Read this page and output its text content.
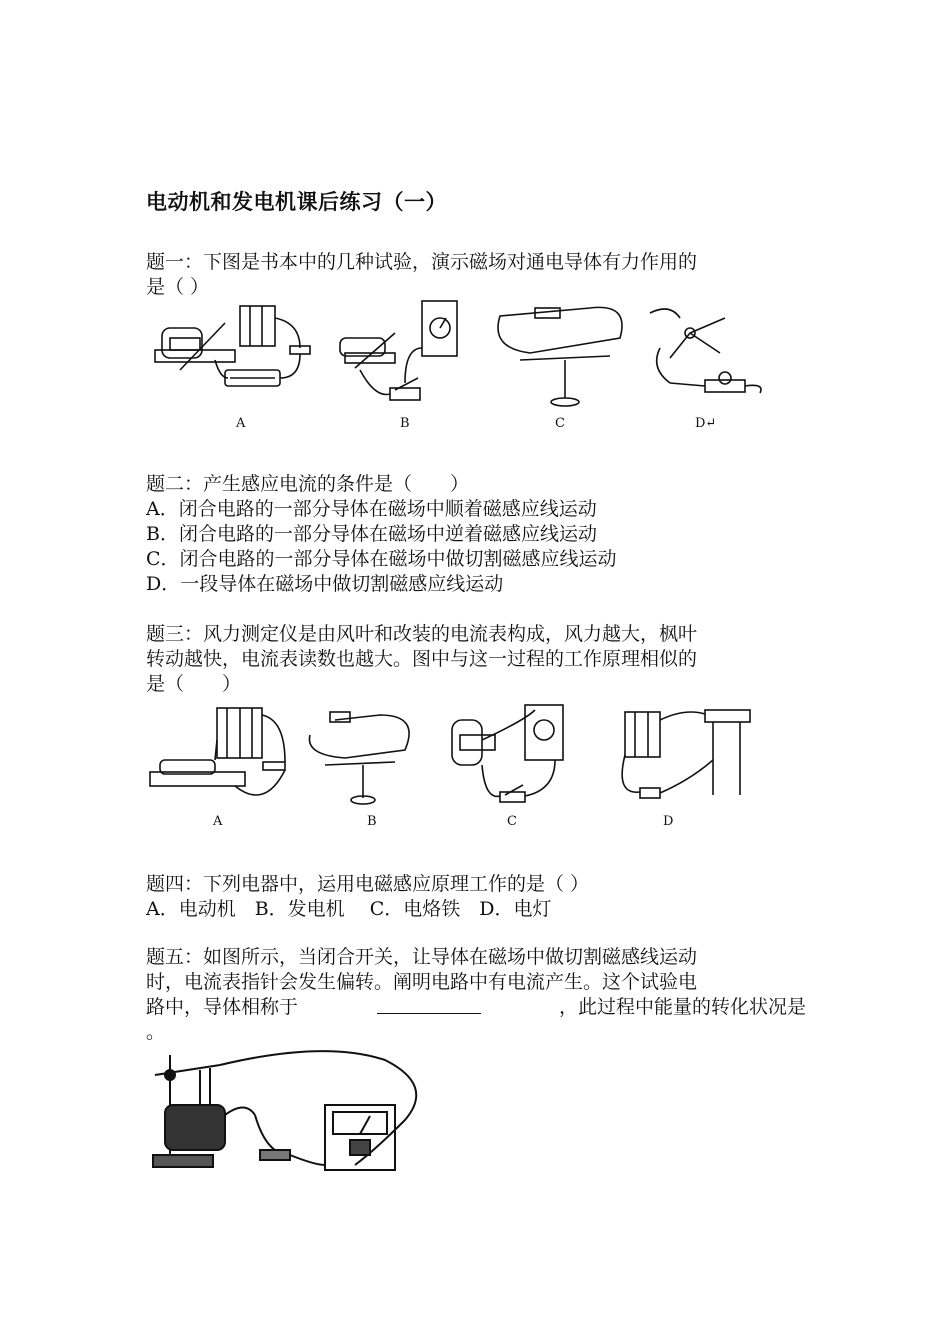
电动机和发电机课后练习（一）
题一：下图是书本中的几种试验，演示磁场对通电导体有力作用的
是（ ）
A	B	C	D↵
题二：产生感应电流的条件是（　　）
A．闭合电路的一部分导体在磁场中顺着磁感应线运动
B．闭合电路的一部分导体在磁场中逆着磁感应线运动
C．闭合电路的一部分导体在磁场中做切割磁感应线运动
D．一段导体在磁场中做切割磁感应线运动
题三：风力测定仪是由风叶和改装的电流表构成，风力越大，枫叶
转动越快，电流表读数也越大。图中与这一过程的工作原理相似的
是（　　）
A	B	C	D
题四：下列电器中，运用电磁感应原理工作的是（ ）
A．电动机　B．发电机　 C．电烙铁　D．电灯
题五：如图所示，当闭合开关，让导体在磁场中做切割磁感线运动
时，电流表指针会发生偏转。阐明电路中有电流产生。这个试验电
路中，导体相称于	，此过程中能量的转化状况是
。
